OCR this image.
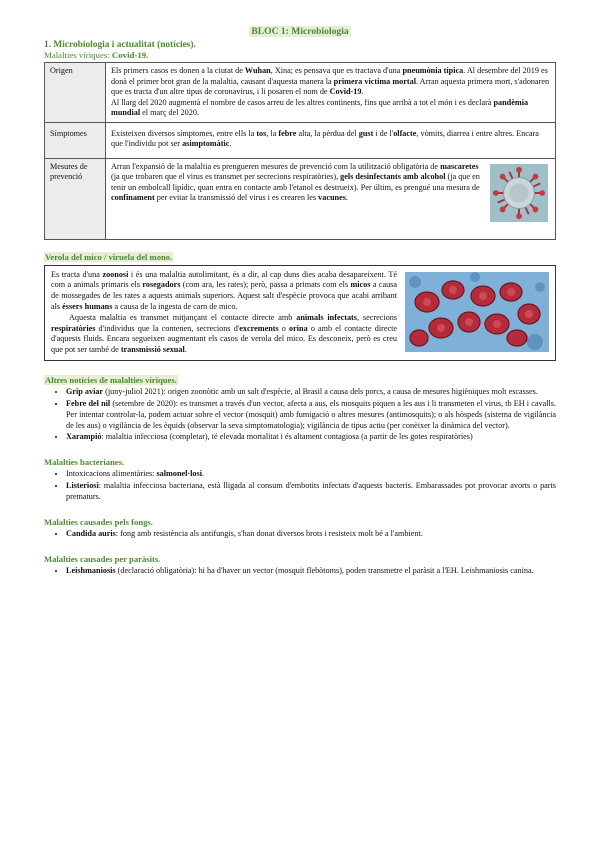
BLOC 1: Microbiologia
1. Microbiologia i actualitat (notícies).
Malalties víriques: Covid-19.
Origen	Els primers casos es donen a la ciutat de Wuhan, Xina; es pensava que es tractava d'una pneumònia típica. Al desembre del 2019 es donà el primer brot gran de la malaltia, causant d'aquesta manera la primera víctima mortal. Arran aquesta primera mort, s'adonaren que es tracta d'un altre tipus de coronavirus, i li posaren el nom de Covid-19.
Al llarg del 2020 augmentà el nombre de casos arreu de les altres continents, fins que arribà a tot el món i es declarà pandèmia mundial el març del 2020.
Símptomes	Existeixen diversos símptomes, entre ells la tos, la febre alta, la pèrdua del gust i de l'olfacte, vòmits, diarrea i entre altres. Encara que l'individu pot ser asimptomàtic.
Mesures de prevenció	Arran l'expansió de la malaltia es prengueren mesures de prevenció com la utilització obligatòria de mascaretes (ja que trobaren que el virus es transmet per secrecions respiratòries), gels desinfectants amb alcohol (ja que en tenir un embolcall lipídic, quan entra en contacte amb l'etanol es destrueix). Per últim, es prengué una mesura de confinament per evitar la transmissió del virus i es crearen les vacunes.
Verola del mico / viruela del mono.

Es tracta d'una zoonosi i és una malaltia autolimitant, és a dir, al cap duns dies acaba desapareixent. Té com a animals primaris els rosegadors (com ara, les rates); però, passa a primats com els micos a causa de mossegades de les rates a aquests animals superiors. Aquest salt d'espècie provoca que acabi arribant als éssers humans a causa de la ingesta de carn de mico.

Aquesta malaltia es transmet mitjançant el contacte directe amb animals infectats, secrecions respiratòries d'individus que la contenen, secrecions d'excrements o orina o amb el contacte directe d'aquests fluids. Encara segueixen augmentant els casos de verola del mico. Es desconeix, però es creu que pot ser també de transmissió sexual.

Altres notícies de malalties víriques.
• Grip aviar (juny-juliol 2021): origen zoonòtic amb un salt d'espècie, al Brasil a causa dels porcs, a causa de mesures higièniques molt escasses.
• Febre del nil (setembre de 2020): es transmet a través d'un vector, afecta a aus, els mosquits piquen a les aus i li transmeten el virus, tb EH i cavalls. Per intentar controlar-la, podem actuar sobre el vector (mosquit) amb fumigació o altres mesures (antimosquits); o als hòspeds (sistema de vigilància de les aus) o vigilància de les èquids (observar la seva simptomatologia); vigilància de tipus actiu (per conèixer la dinàmica del vector).
• Xarampió: malaltia infecciosa (completar), té elevada mortalitat i és altament contagiosa (a partir de les gotes respiratòries)
Malalties bacterianes.
• Intoxicacions alimentàries: salmonel·losi.
• Listeriosi: malaltia infecciosa bacteriana, està lligada al consum d'embotits infectats d'aquests bacteris. Embarassades pot provocar avorts o parts prematurs.
Malalties causades pels fongs.
• Candida auris: fong amb resistència als antifungis, s'han donat diversos brots i resisteix molt bé a l'ambient.
Malalties causades per paràsits.
• Leishmaniosis (declaració obligatòria): hi ha d'haver un vector (mosquit flebòtoms), poden transmetre el paràsit a l'EH. Leishmaniosis canina.
